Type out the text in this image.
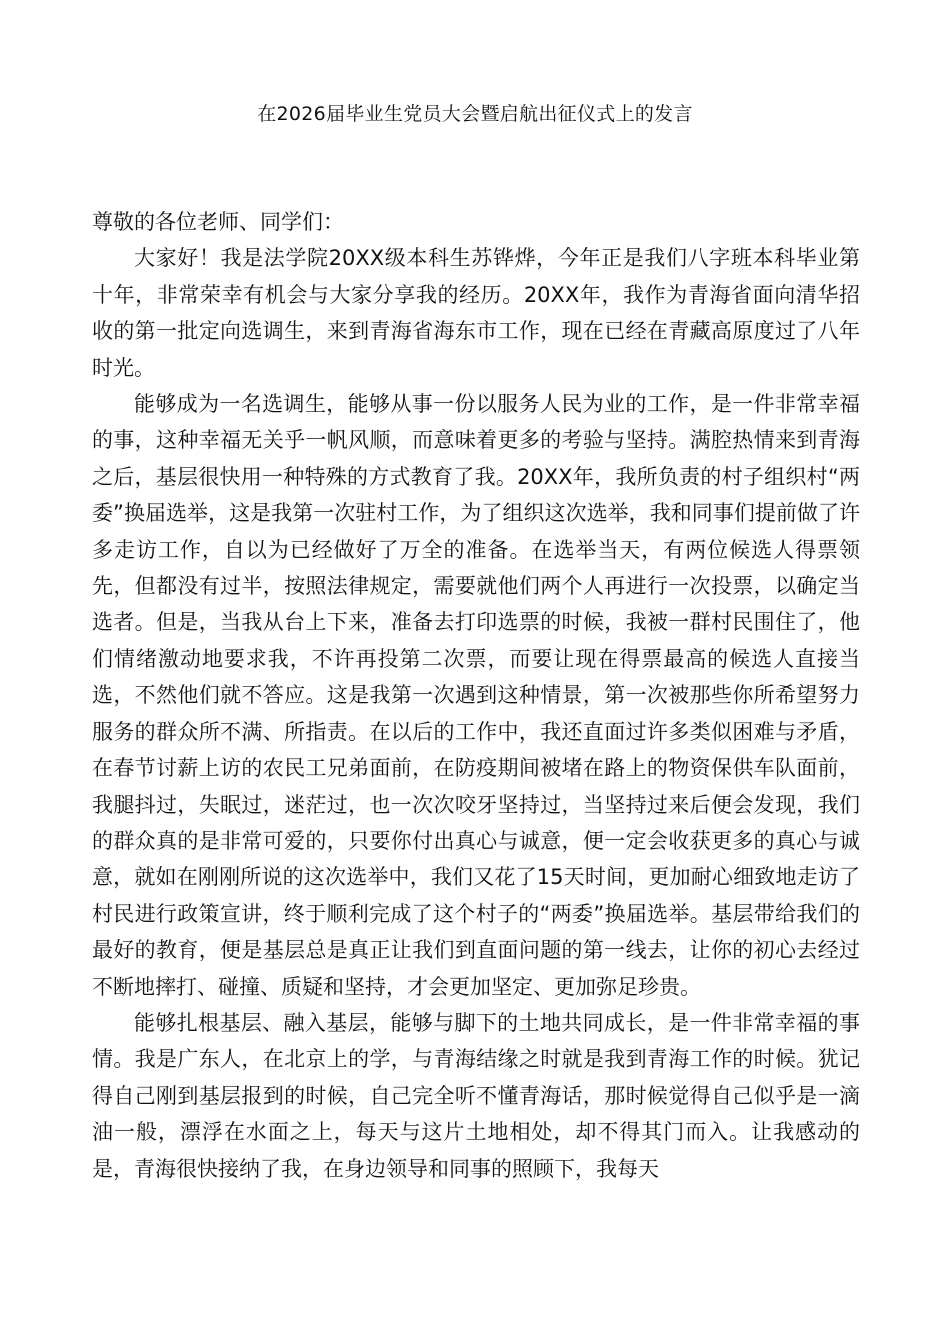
在2026届毕业生党员大会暨启航出征仪式上的发言

尊敬的各位老师、同学们：

大家好！我是法学院20XX级本科生苏铧烨，今年正是我们八字班本科毕业第十年，非常荣幸有机会与大家分享我的经历。20XX年，我作为青海省面向清华招收的第一批定向选调生，来到青海省海东市工作，现在已经在青藏高原度过了八年时光。

能够成为一名选调生，能够从事一份以服务人民为业的工作，是一件非常幸福的事，这种幸福无关乎一帆风顺，而意味着更多的考验与坚持。满腔热情来到青海之后，基层很快用一种特殊的方式教育了我。20XX年，我所负责的村子组织村“两委”换届选举，这是我第一次驻村工作，为了组织这次选举，我和同事们提前做了许多走访工作，自以为已经做好了万全的准备。在选举当天，有两位候选人得票领先，但都没有过半，按照法律规定，需要就他们两个人再进行一次投票，以确定当选者。但是，当我从台上下来，准备去打印选票的时候，我被一群村民围住了，他们情绪激动地要求我，不许再投第二次票，而要让现在得票最高的候选人直接当选，不然他们就不答应。这是我第一次遇到这种情景，第一次被那些你所希望努力服务的群众所不满、所指责。在以后的工作中，我还直面过许多类似困难与矛盾，在春节讨薪上访的农民工兄弟面前，在防疫期间被堵在路上的物资保供车队面前，我腿抖过，失眠过，迷茫过，也一次次咬牙坚持过，当坚持过来后便会发现，我们的群众真的是非常可爱的，只要你付出真心与诚意，便一定会收获更多的真心与诚意，就如在刚刚所说的这次选举中，我们又花了15天时间，更加耐心细致地走访了村民进行政策宣讲，终于顺利完成了这个村子的“两委”换届选举。基层带给我们的最好的教育，便是基层总是真正让我们到直面问题的第一线去，让你的初心去经过不断地摔打、碰撞、质疑和坚持，才会更加坚定、更加弥足珍贵。

能够扎根基层、融入基层，能够与脚下的土地共同成长，是一件非常幸福的事情。我是广东人，在北京上的学，与青海结缘之时就是我到青海工作的时候。犹记得自己刚到基层报到的时候，自己完全听不懂青海话，那时候觉得自己似乎是一滴油一般，漂浮在水面之上，每天与这片土地相处，却不得其门而入。让我感动的是，青海很快接纳了我，在身边领导和同事的照顾下，我每天
